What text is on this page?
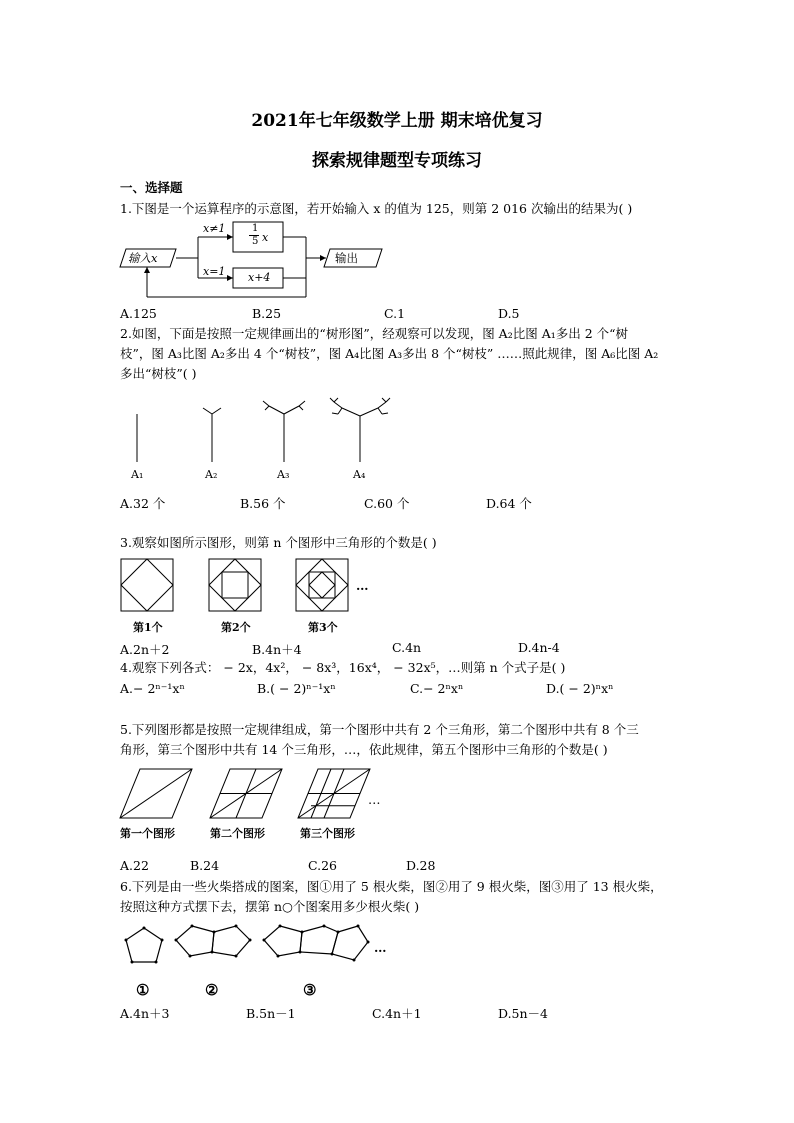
2021年七年级数学上册 期末培优复习
探索规律题型专项练习
一、选择题
1.下图是一个运算程序的示意图，若开始输入 x 的值为 125，则第 2 016 次输出的结果为( )
输入x	输出
x≠1
x=1
1
5 x
x+4
A.125	B.25	C.1	D.5
2.如图，下面是按照一定规律画出的“树形图”，经观察可以发现，图 A₂比图 A₁多出 2 个“树
枝”，图 A₃比图 A₂多出 4 个“树枝”，图 A₄比图 A₃多出 8 个“树枝” ……照此规律，图 A₆比图 A₂
多出“树枝”( )
A₁	A₂	A₃	A₄
A.32 个	B.56 个	C.60 个	D.64 个
3.观察如图所示图形，则第 n 个图形中三角形的个数是( )
…
第1个	第2个	第3个
A.2n＋2	B.4n＋4	C.4n	D.4n-4
4.观察下列各式： − 2x，4x²， − 8x³，16x⁴， − 32x⁵，…则第 n 个式子是( )
A.− 2ⁿ⁻¹xⁿ	B.( − 2)ⁿ⁻¹xⁿ	C.− 2ⁿxⁿ	D.( − 2)ⁿxⁿ
5.下列图形都是按照一定规律组成，第一个图形中共有 2 个三角形，第二个图形中共有 8 个三
角形，第三个图形中共有 14 个三角形，…，依此规律，第五个图形中三角形的个数是( )
…
第一个图形	第二个图形	第三个图形
A.22	B.24	C.26	D.28
6.下列是由一些火柴搭成的图案，图①用了 5 根火柴，图②用了 9 根火柴，图③用了 13 根火柴，
按照这种方式摆下去，摆第 n○个图案用多少根火柴( )
…
①	②	③
A.4n＋3	B.5n－1	C.4n＋1	D.5n－4
